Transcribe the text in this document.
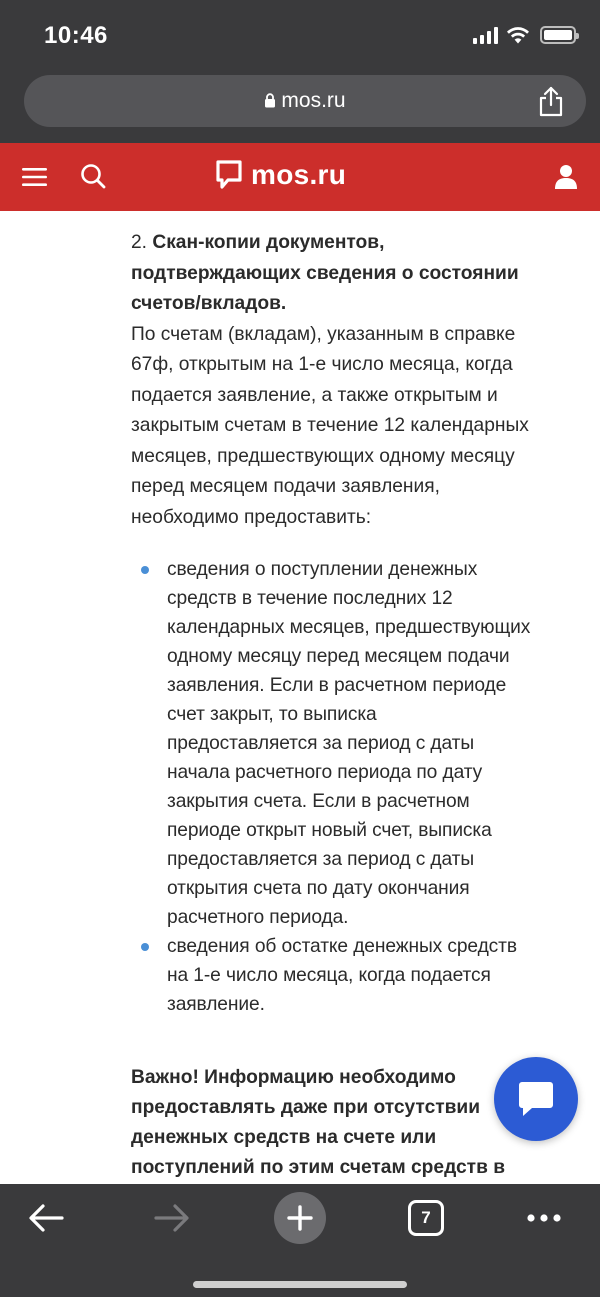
10:46
mos.ru
mos.ru

2. Скан-копии документов, подтверждающих сведения о состоянии счетов/вкладов.
По счетам (вкладам), указанным в справке 67ф, открытым на 1-е число месяца, когда подается заявление, а также открытым и закрытым счетам в течение 12 календарных месяцев, предшествующих одному месяцу перед месяцем подачи заявления, необходимо предоставить:

сведения о поступлении денежных средств в течение последних 12 календарных месяцев, предшествующих одному месяцу перед месяцем подачи заявления. Если в расчетном периоде счет закрыт, то выписка предоставляется за период с даты начала расчетного периода по дату закрытия счета. Если в расчетном периоде открыт новый счет, выписка предоставляется за период с даты открытия счета по дату окончания расчетного периода.
сведения об остатке денежных средств на 1-е число месяца, когда подается заявление.

Важно! Информацию необходимо предоставлять даже при отсутствии денежных средств на счете или поступлений по этим счетам средств в

7
